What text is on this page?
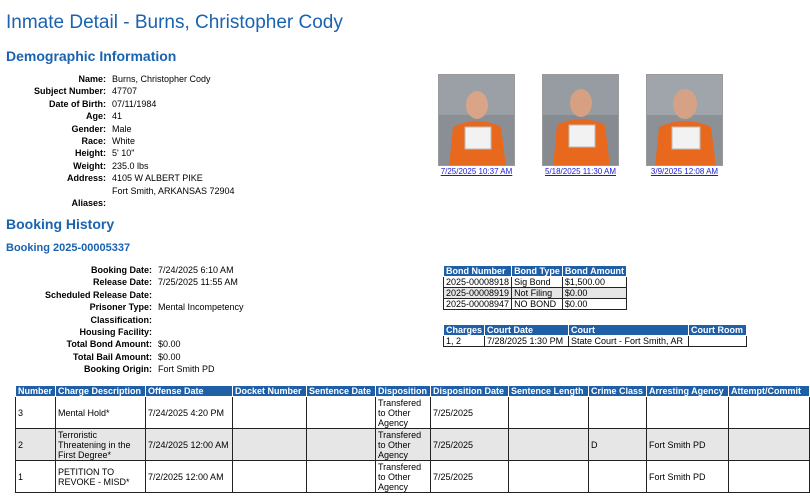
Inmate Detail - Burns, Christopher Cody
Demographic Information
Name: Burns, Christopher Cody
Subject Number: 47707
Date of Birth: 07/11/1984
Age: 41
Gender: Male
Race: White
Height: 5' 10"
Weight: 235.0 lbs
Address: 4105 W ALBERT PIKE
Fort Smith, ARKANSAS 72904
Aliases:
7/25/2025 10:37 AM	5/18/2025 11:30 AM	3/9/2025 12:08 AM
Booking History
Booking 2025-00005337
Booking Date: 7/24/2025 6:10 AM
Release Date: 7/25/2025 11:55 AM
Scheduled Release Date:
Prisoner Type: Mental Incompetency
Classification:
Housing Facility:
Total Bond Amount: $0.00
Total Bail Amount: $0.00
Booking Origin: Fort Smith PD
Bond Number	Bond Type	Bond Amount
2025-00008918	Sig Bond	$1,500.00
2025-00008919	Not Filing	$0.00
2025-00008947	NO BOND	$0.00
Charges	Court Date	Court	Court Room
1, 2	7/28/2025 1:30 PM	State Court - Fort Smith, AR	
Number	Charge Description	Offense Date	Docket Number	Sentence Date	Disposition	Disposition Date	Sentence Length	Crime Class	Arresting Agency	Attempt/Commit
3	Mental Hold*	7/24/2025 4:20 PM			Transfered to Other Agency	7/25/2025				
2	Terroristic Threatening in the First Degree*	7/24/2025 12:00 AM			Transfered to Other Agency	7/25/2025		D	Fort Smith PD	
1	PETITION TO REVOKE - MISD*	7/2/2025 12:00 AM			Transfered to Other Agency	7/25/2025			Fort Smith PD	
